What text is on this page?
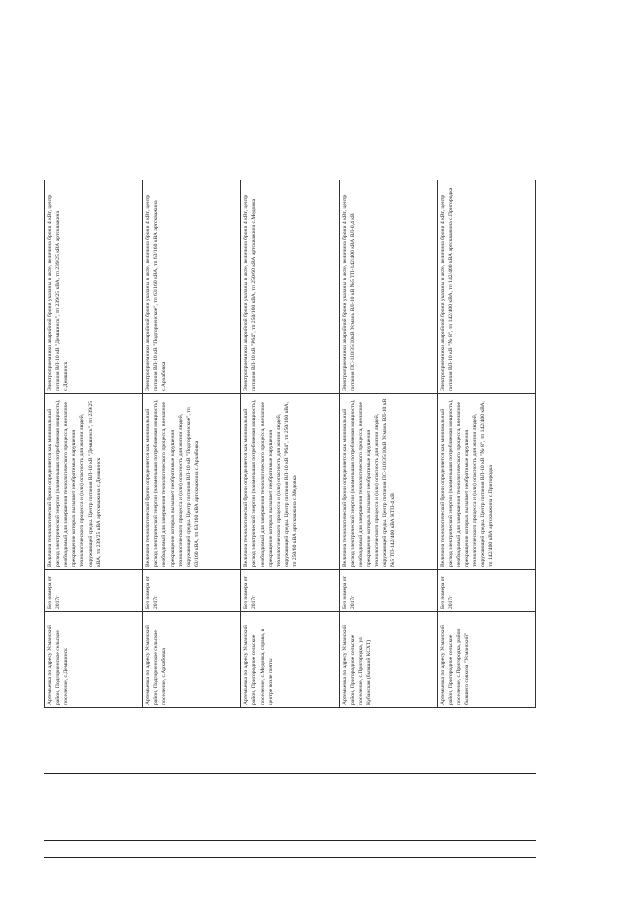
Артемьевка по адресу Усманский район, Подгорненское сельское поселение, с.Демшинск	Без номера от 2017г	Величина технологической брони определяется как минимальный расход электрической энергии (наименьшая потребляемая мощность), необходимый для завершения технологического процесса, внезапное прекращение которых вызывает необратимые нарушения технологического процесса и (или) опасность для жизни людей, окружающей среды. Центр питания ВЛ-10 кВ "Демшинск", тп 239/25 кВА, тп 239/25 кВА артскважина с.Демшинск	Электроприемники аварийной брони указаны в акте, величина брони 4 кВт, центр питания ВЛ-10 кВ "Демшинск", тп 239/25 кВА, тп 239/25 кВА артскважина с.Демшинск

Артемьевка по адресу Усманский район, Подгорненское сельское поселение, с.Архабовка	Без номера от 2017г	Величина технологической брони определяется как минимальный расход электрической энергии (наименьшая потребляемая мощность), необходимый для завершения технологического процесса, внезапное прекращение которых вызывает необратимые нарушения технологического процесса и (или) опасность для жизни людей, окружающей среды. Центр питания ВЛ-10 кВ "Подгорненское", тп 63/160 кВА, тп 63/160 кВА артскважина с.Архабовка	Электроприемники аварийной брони указаны в акте, величина брони 4 кВт, центр питания ВЛ-10 кВ "Подгорненское", тп 63/160 кВА, тп 63/160 кВА артскважина с.Архабовка

Артемьевка по адресу Усманский район, Пригородное сельское поселение, с.Медовка, справа, в центре возле почты	Без номера от 2017г	Величина технологической брони определяется как минимальный расход электрической энергии (наименьшая потребляемая мощность), необходимый для завершения технологического процесса, внезапное прекращение которых вызывает необратимые нарушения технологического процесса и (или) опасность для жизни людей, окружающей среды. Центр питания ВЛ-10 кВ "Р64", тп 250/160 кВА, тп 250/60 кВА артскважина с.Медовка	Электроприемники аварийной брони указаны в акте, величина брони 4 кВт, центр питания ВЛ-10 кВ "Р64", тп 250/160 кВА, тп 250/60 кВА артскважина с.Медовка

Артемьевка по адресу Усманский район, Пригородное сельское поселение, с.Пригородка, ул Кубанская (бывший КСХТ)	Без номера от 2017г	Величина технологической брони определяется как минимальный расход электрической энергии (наименьшая потребляемая мощность), необходимый для завершения технологического процесса, внезапное прекращение которых вызывает необратимые нарушения технологического процесса и (или) опасность для жизни людей, окружающей среды. Центр питания ПС-110/35/10кВ Усмань ВЛ-10 кВ №5 ТП-142/400 кВА КТП-4 кВ	Электроприемники аварийной брони указаны в акте, величина брони 4 кВт, центр питания ПС-110/35/10кВ Усмань ВЛ-10 кВ №5 ТП-142/400 кВА ВЛ-0,4 кВ

Артемьевка по адресу Усманский район, Пригородное сельское поселение, с.Пригородка, район бывшего совхоза "Усманский"	Без номера от 2017г	Величина технологической брони определяется как минимальный расход электрической энергии (наименьшая потребляемая мощность), необходимый для завершения технологического процесса, внезапное прекращение которых вызывает необратимые нарушения технологического процесса и (или) опасность для жизни людей, окружающей среды. Центр питания ВЛ-10 кВ "№ 8", тп 142/400 кВА, тп 142/400 кВА артскважина с.Пригородка	Электроприемники аварийной брони указаны в акте, величина брони 4 кВт, центр питания ВЛ-10 кВ "№ 8", тп 142/400 кВА, тп 142/400 кВА артскважина с.Пригородка
